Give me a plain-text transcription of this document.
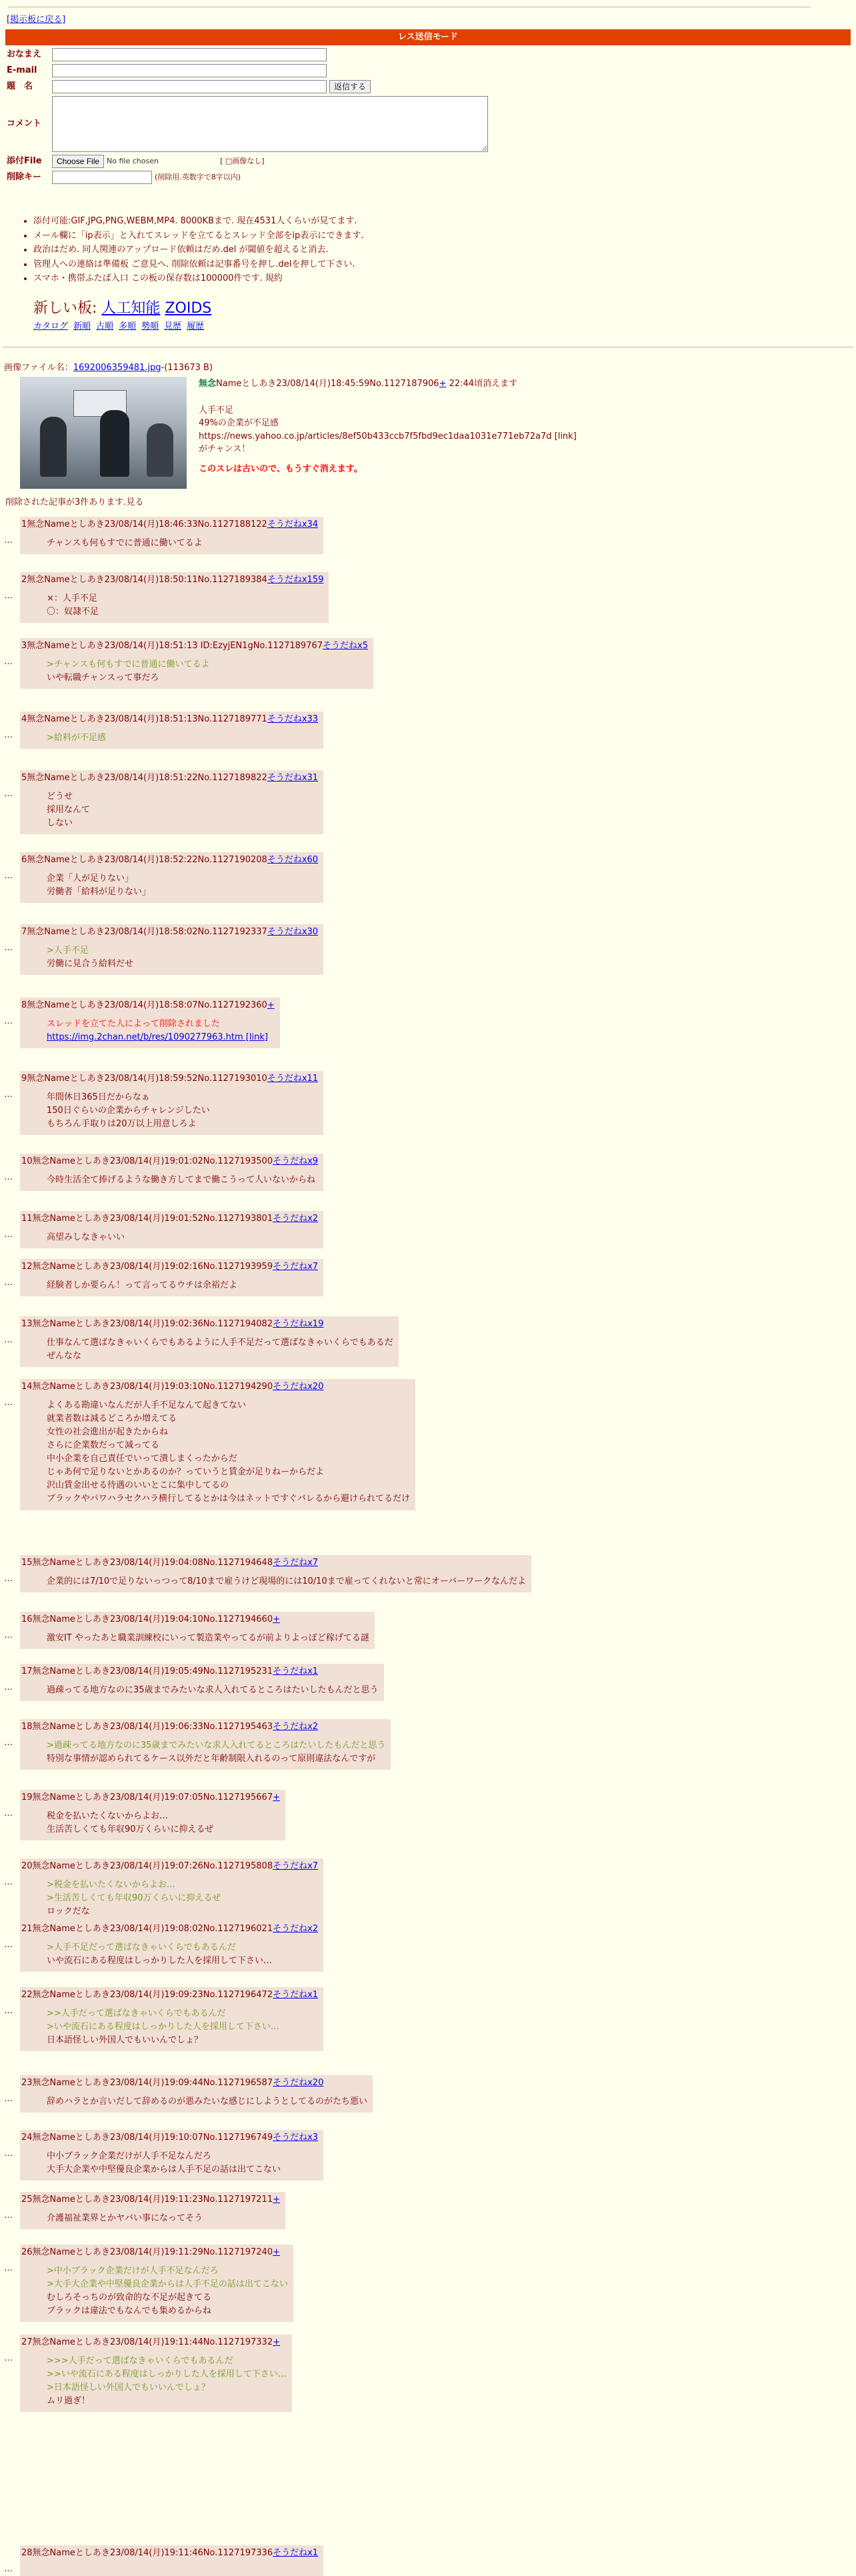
[掲示板に戻る]
レス送信モード
おなまえ
E-mail
題　名	返信する
コメント
添付File	Choose File	No file chosen	[ □画像なし]
削除キー	(削除用.英数字で8字以内)
• 添付可能:GIF,JPG,PNG,WEBM,MP4. 8000KBまで. 現在4531人くらいが見てます.
• メール欄に「ip表示」と入れてスレッドを立てるとスレッド全部をip表示にできます.
• 政治はだめ. 同人関連のアップロード依頼はだめ.del が閾値を超えると消去.
• 管理人への連絡は準備板 ご意見へ. 削除依頼は記事番号を押し.delを押して下さい.
• スマホ・携帯ふたば入口 この板の保存数は100000件です. 規約
新しい板: 人工知能 ZOIDS
カタログ 新順 古順 多順 勢順 見歴 履歴
画像ファイル名：1692006359481.jpg-(113673 B)
無念Nameとしあき23/08/14(月)18:45:59No.1127187906+ 22:44頃消えます
人手不足
49%の企業が不足感
https://news.yahoo.co.jp/articles/8ef50b433ccb7f5fbd9ec1daa1031e771eb72a7d [link]
がチャンス！
このスレは古いので、もうすぐ消えます。
削除された記事が3件あります.見る
…
1無念Nameとしあき23/08/14(月)18:46:33No.1127188122そうだねx34
チャンスも何もすでに普通に働いてるよ
…
2無念Nameとしあき23/08/14(月)18:50:11No.1127189384そうだねx159
×：人手不足
〇：奴隷不足
…
3無念Nameとしあき23/08/14(月)18:51:13 ID:EzyjEN1gNo.1127189767そうだねx5
>チャンスも何もすでに普通に働いてるよ
いや転職チャンスって事だろ
…
4無念Nameとしあき23/08/14(月)18:51:13No.1127189771そうだねx33
>給料が不足感
…
5無念Nameとしあき23/08/14(月)18:51:22No.1127189822そうだねx31
どうせ
採用なんて
しない
…
6無念Nameとしあき23/08/14(月)18:52:22No.1127190208そうだねx60
企業「人が足りない」
労働者「給料が足りない」
…
7無念Nameとしあき23/08/14(月)18:58:02No.1127192337そうだねx30
>人手不足
労働に見合う給料だせ
…
8無念Nameとしあき23/08/14(月)18:58:07No.1127192360+
スレッドを立てた人によって削除されました
https://img.2chan.net/b/res/1090277963.htm [link]
…
9無念Nameとしあき23/08/14(月)18:59:52No.1127193010そうだねx11
年間休日365日だからなぁ
150日ぐらいの企業からチャレンジしたい
もちろん手取りは20万以上用意しろよ
…
10無念Nameとしあき23/08/14(月)19:01:02No.1127193500そうだねx9
今時生活全て捧げるような働き方してまで働こうって人いないからね
…
11無念Nameとしあき23/08/14(月)19:01:52No.1127193801そうだねx2
高望みしなきゃいい
…
12無念Nameとしあき23/08/14(月)19:02:16No.1127193959そうだねx7
経験者しか要らん！って言ってるウチは余裕だよ
…
13無念Nameとしあき23/08/14(月)19:02:36No.1127194082そうだねx19
仕事なんて選ばなきゃいくらでもあるように人手不足だって選ばなきゃいくらでもあるだ
ぜんなな
…
14無念Nameとしあき23/08/14(月)19:03:10No.1127194290そうだねx20
よくある勘違いなんだが人手不足なんて起きてない
就業者数は減るどころか増えてる
女性の社会進出が起きたからね
さらに企業数だって減ってる
中小企業を自己責任でいって潰しまくったからだ
じゃあ何で足りないとかあるのか？っていうと賃金が足りねーからだよ
沢山賃金出せる待遇のいいとこに集中してるの
ブラックやパワハラセクハラ横行してるとかは今はネットですぐバレるから避けられてるだけ
…
15無念Nameとしあき23/08/14(月)19:04:08No.1127194648そうだねx7
企業的には7/10で足りないっつって8/10まで雇うけど現場的には10/10まで雇ってくれないと常にオーバーワークなんだよ
…
16無念Nameとしあき23/08/14(月)19:04:10No.1127194660+
激安IT やったあと職業訓練校にいって製造業やってるが前よりよっぽど稼げてる謎
…
17無念Nameとしあき23/08/14(月)19:05:49No.1127195231そうだねx1
過疎ってる地方なのに35歳までみたいな求人入れてるところはたいしたもんだと思う
…
18無念Nameとしあき23/08/14(月)19:06:33No.1127195463そうだねx2
>過疎ってる地方なのに35歳までみたいな求人入れてるところはたいしたもんだと思う
特別な事情が認められてるケース以外だと年齢制限入れるのって原則違法なんですが
…
19無念Nameとしあき23/08/14(月)19:07:05No.1127195667+
税金を払いたくないからよお…
生活苦しくても年収90万くらいに抑えるぜ
…
20無念Nameとしあき23/08/14(月)19:07:26No.1127195808そうだねx7
>税金を払いたくないからよお…
>生活苦しくても年収90万くらいに抑えるぜ
ロックだな
…
21無念Nameとしあき23/08/14(月)19:08:02No.1127196021そうだねx2
>人手不足だって選ばなきゃいくらでもあるんだ
いや流石にある程度はしっかりした人を採用して下さい…
…
22無念Nameとしあき23/08/14(月)19:09:23No.1127196472そうだねx1
>>人手だって選ばなきゃいくらでもあるんだ
>いや流石にある程度はしっかりした人を採用して下さい…
日本語怪しい外国人でもいいんでしょ？
…
23無念Nameとしあき23/08/14(月)19:09:44No.1127196587そうだねx20
辞めハラとか言いだして辞めるのが悪みたいな感じにしようとしてるのがたち悪い
…
24無念Nameとしあき23/08/14(月)19:10:07No.1127196749そうだねx3
中小ブラック企業だけが人手不足なんだろ
大手大企業や中堅優良企業からは人手不足の話は出てこない
…
25無念Nameとしあき23/08/14(月)19:11:23No.1127197211+
介護福祉業界とかヤバい事になってそう
…
26無念Nameとしあき23/08/14(月)19:11:29No.1127197240+
>中小ブラック企業だけが人手不足なんだろ
>大手大企業や中堅優良企業からは人手不足の話は出てこない
むしろそっちのが致命的な不足が起きてる
ブラックは違法でもなんでも集めるからね
…
27無念Nameとしあき23/08/14(月)19:11:44No.1127197332+
>>>人手だって選ばなきゃいくらでもあるんだ
>>いや流石にある程度はしっかりした人を採用して下さい…
>日本語怪しい外国人でもいいんでしょ？
ムリ過ぎ！
…
28無念Nameとしあき23/08/14(月)19:11:46No.1127197336そうだねx1
